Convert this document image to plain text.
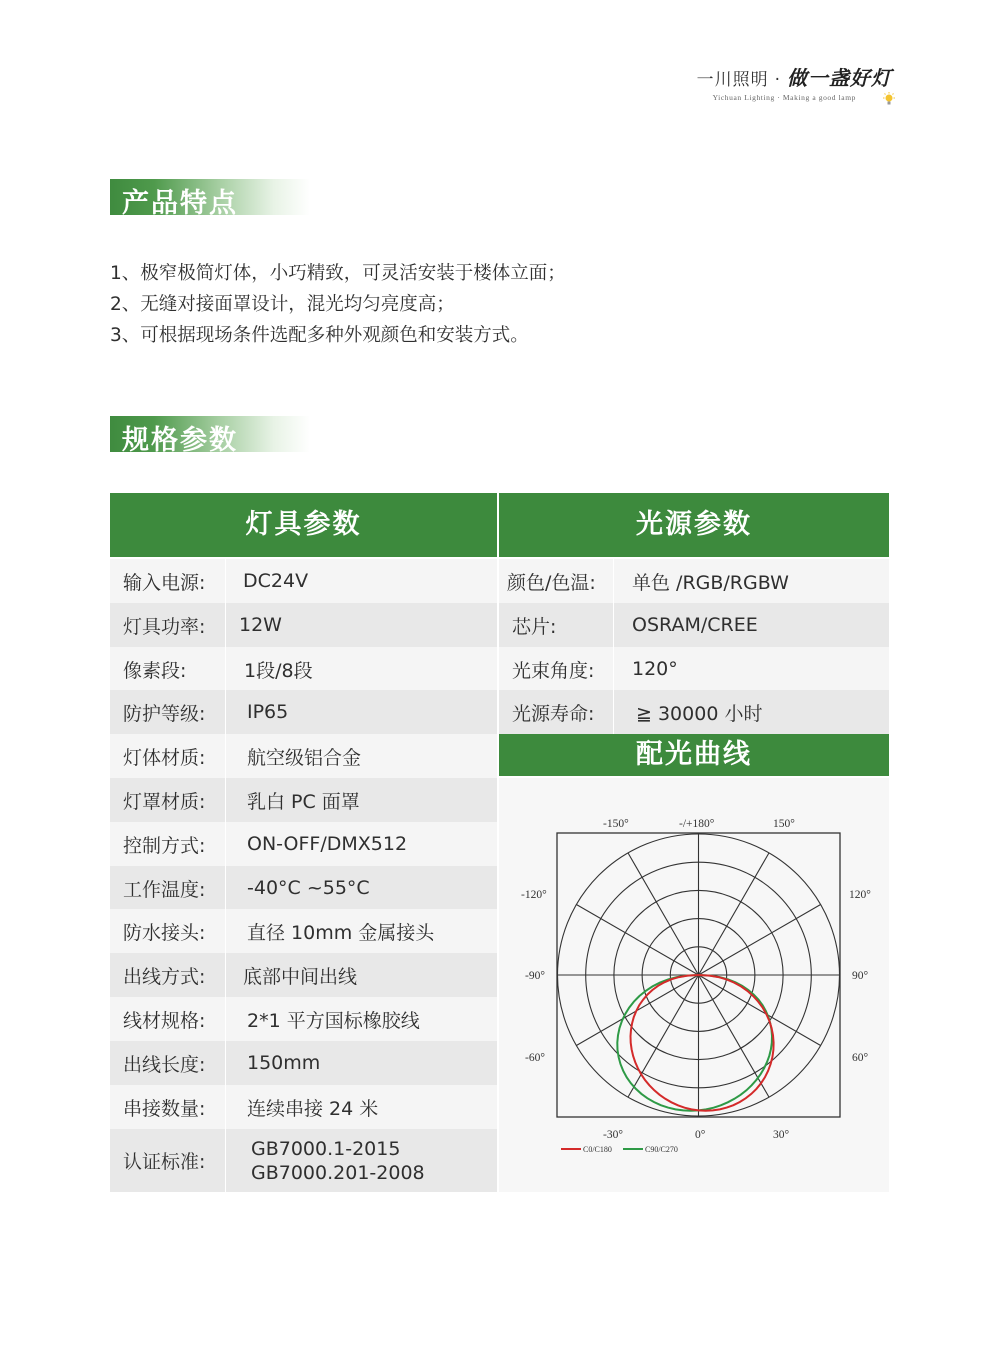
一川照明 · 做一盏好灯
Yichuan Lighting · Making a good lamp
产品特点
1、极窄极简灯体，小巧精致，可灵活安装于楼体立面；
2、无缝对接面罩设计，混光均匀亮度高；
3、可根据现场条件选配多种外观颜色和安装方式。
规格参数
灯具参数	光源参数
输入电源:	DC24V
灯具功率:	12W
像素段:	1段/8段
防护等级:	IP65
灯体材质:	航空级铝合金
灯罩材质:	乳白 PC 面罩
控制方式:	ON-OFF/DMX512
工作温度:	-40°C ~55°C
防水接头:	直径 10mm 金属接头
出线方式:	底部中间出线
线材规格:	2*1 平方国标橡胶线
出线长度:	150mm
串接数量:	连续串接 24 米
认证标准:
GB7000.1-2015
GB7000.201-2008
颜色/色温:	单色 /RGB/RGBW
芯片:	OSRAM/CREE
光束角度:	120°
光源寿命:	≧ 30000 小时
配光曲线
-150°	-/+180°	150°
-120°
-90°
-60°
120°
90°
60°
-30°	0°	30°
C0/C180	C90/C270
